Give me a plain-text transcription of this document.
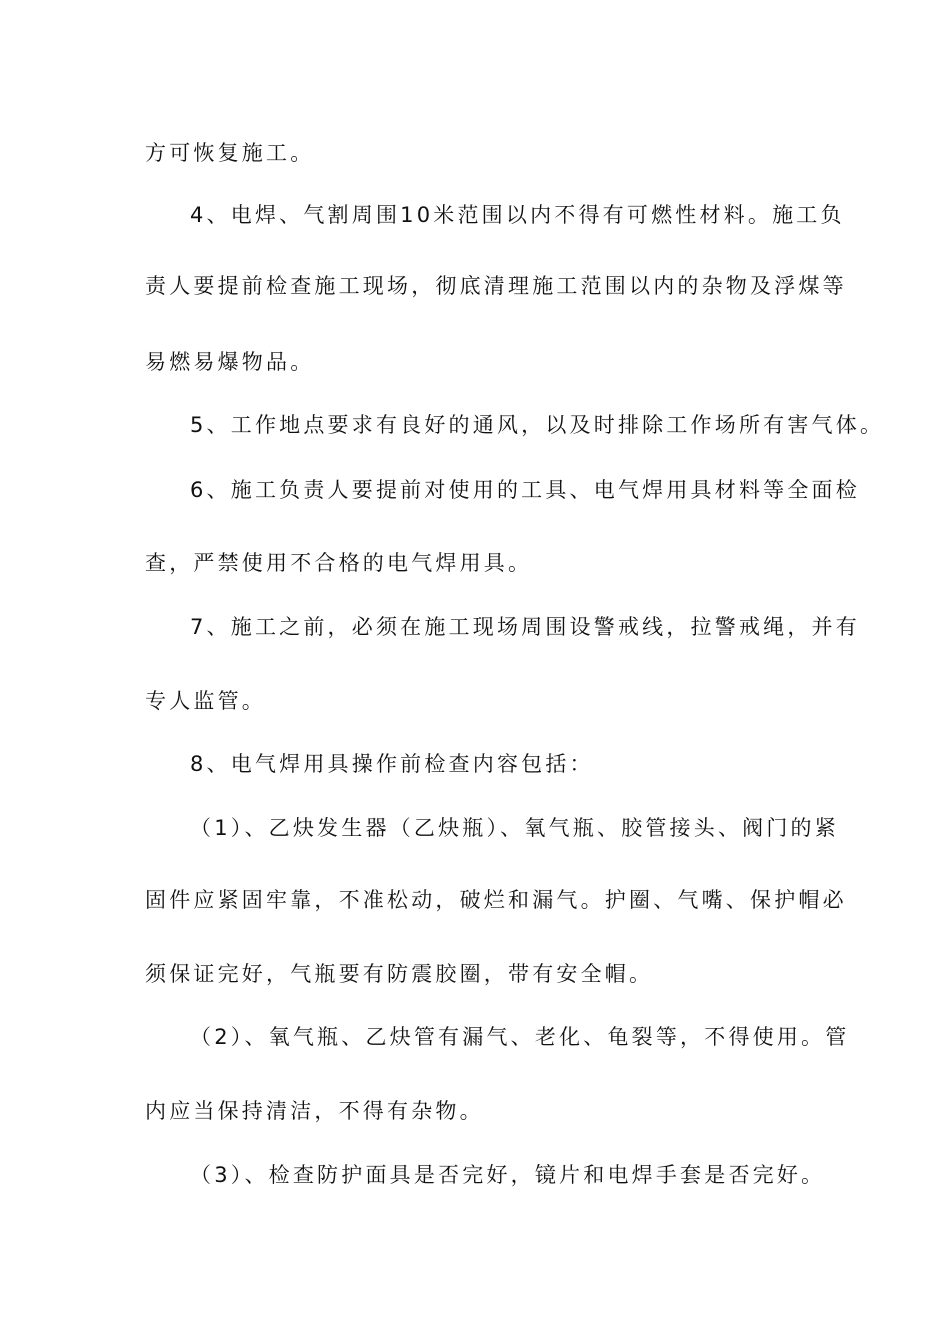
方可恢复施工。
4、电焊、气割周围10米范围以内不得有可燃性材料。施工负
责人要提前检查施工现场，彻底清理施工范围以内的杂物及浮煤等
易燃易爆物品。
5、工作地点要求有良好的通风，以及时排除工作场所有害气体。
6、施工负责人要提前对使用的工具、电气焊用具材料等全面检
查，严禁使用不合格的电气焊用具。
7、施工之前，必须在施工现场周围设警戒线，拉警戒绳，并有
专人监管。
8、电气焊用具操作前检查内容包括：
（1）、乙炔发生器（乙炔瓶）、氧气瓶、胶管接头、阀门的紧
固件应紧固牢靠，不准松动，破烂和漏气。护圈、气嘴、保护帽必
须保证完好，气瓶要有防震胶圈，带有安全帽。
（2）、氧气瓶、乙炔管有漏气、老化、龟裂等，不得使用。管
内应当保持清洁，不得有杂物。
（3）、检查防护面具是否完好，镜片和电焊手套是否完好。
